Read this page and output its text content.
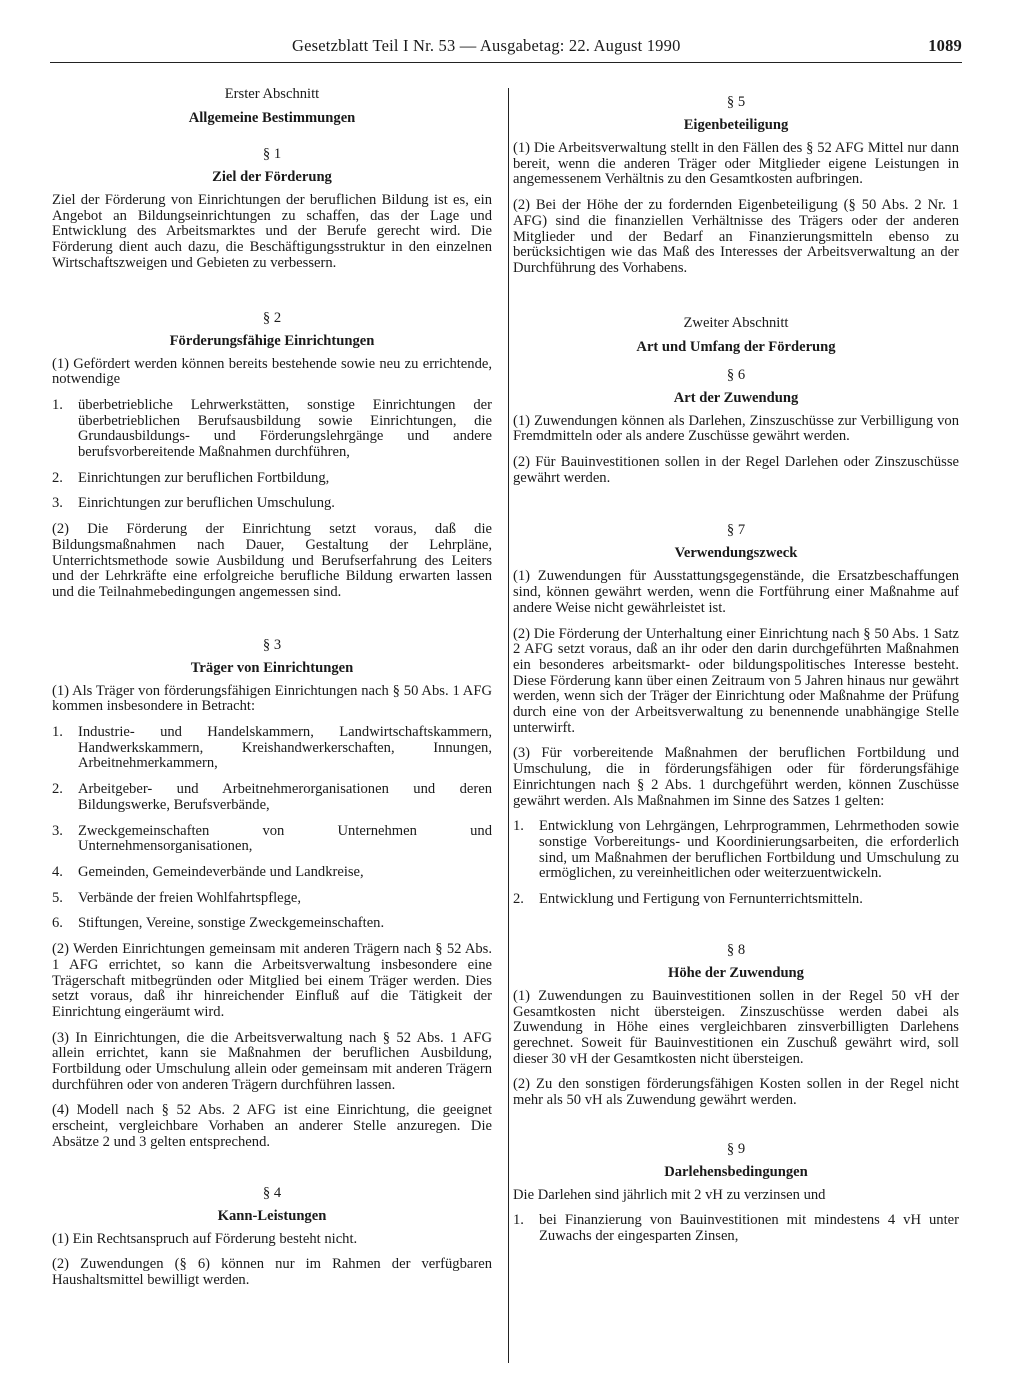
Gesetzblatt Teil I Nr. 53 — Ausgabetag: 22. August 1990	1089
Erster Abschnitt
Allgemeine Bestimmungen
§ 1
Ziel der Förderung

Ziel der Förderung von Einrichtungen der beruflichen Bildung ist es, ein Angebot an Bildungseinrichtungen zu schaffen, das der Lage und Entwicklung des Arbeitsmarktes und der Berufe gerecht wird. Die Förderung dient auch dazu, die Beschäftigungsstruktur in den einzelnen Wirtschaftszweigen und Gebieten zu verbessern.

§ 2
Förderungsfähige Einrichtungen

(1) Gefördert werden können bereits bestehende sowie neu zu errichtende, notwendige

1.	überbetriebliche Lehrwerkstätten, sonstige Einrichtungen der überbetrieblichen Berufsausbildung sowie Einrichtungen, die Grundausbildungs- und Förderungslehrgänge und andere berufsvorbereitende Maßnahmen durchführen,
2.	Einrichtungen zur beruflichen Fortbildung,
3.	Einrichtungen zur beruflichen Umschulung.

(2) Die Förderung der Einrichtung setzt voraus, daß die Bildungsmaßnahmen nach Dauer, Gestaltung der Lehrpläne, Unterrichtsmethode sowie Ausbildung und Berufserfahrung des Leiters und der Lehrkräfte eine erfolgreiche berufliche Bildung erwarten lassen und die Teilnahmebedingungen angemessen sind.

§ 3
Träger von Einrichtungen

(1) Als Träger von förderungsfähigen Einrichtungen nach § 50 Abs. 1 AFG kommen insbesondere in Betracht:

1.	Industrie- und Handelskammern, Landwirtschaftskammern, Handwerkskammern, Kreishandwerkerschaften, Innungen, Arbeitnehmerkammern,
2.	Arbeitgeber- und Arbeitnehmerorganisationen und deren Bildungswerke, Berufsverbände,
3.	Zweckgemeinschaften von Unternehmen und Unternehmensorganisationen,
4.	Gemeinden, Gemeindeverbände und Landkreise,
5.	Verbände der freien Wohlfahrtspflege,
6.	Stiftungen, Vereine, sonstige Zweckgemeinschaften.

(2) Werden Einrichtungen gemeinsam mit anderen Trägern nach § 52 Abs. 1 AFG errichtet, so kann die Arbeitsverwaltung insbesondere eine Trägerschaft mitbegründen oder Mitglied bei einem Träger werden. Dies setzt voraus, daß ihr hinreichender Einfluß auf die Tätigkeit der Einrichtung eingeräumt wird.

(3) In Einrichtungen, die die Arbeitsverwaltung nach § 52 Abs. 1 AFG allein errichtet, kann sie Maßnahmen der beruflichen Ausbildung, Fortbildung oder Umschulung allein oder gemeinsam mit anderen Trägern durchführen oder von anderen Trägern durchführen lassen.

(4) Modell nach § 52 Abs. 2 AFG ist eine Einrichtung, die geeignet erscheint, vergleichbare Vorhaben an anderer Stelle anzuregen. Die Absätze 2 und 3 gelten entsprechend.

§ 4
Kann-Leistungen

(1) Ein Rechtsanspruch auf Förderung besteht nicht.

(2) Zuwendungen (§ 6) können nur im Rahmen der verfügbaren Haushaltsmittel bewilligt werden.

§ 5
Eigenbeteiligung

(1) Die Arbeitsverwaltung stellt in den Fällen des § 52 AFG Mittel nur dann bereit, wenn die anderen Träger oder Mitglieder eigene Leistungen in angemessenem Verhältnis zu den Gesamtkosten aufbringen.

(2) Bei der Höhe der zu fordernden Eigenbeteiligung (§ 50 Abs. 2 Nr. 1 AFG) sind die finanziellen Verhältnisse des Trägers oder der anderen Mitglieder und der Bedarf an Finanzierungsmitteln ebenso zu berücksichtigen wie das Maß des Interesses der Arbeitsverwaltung an der Durchführung des Vorhabens.

Zweiter Abschnitt
Art und Umfang der Förderung
§ 6
Art der Zuwendung

(1) Zuwendungen können als Darlehen, Zinszuschüsse zur Verbilligung von Fremdmitteln oder als andere Zuschüsse gewährt werden.

(2) Für Bauinvestitionen sollen in der Regel Darlehen oder Zinszuschüsse gewährt werden.

§ 7
Verwendungszweck

(1) Zuwendungen für Ausstattungsgegenstände, die Ersatzbeschaffungen sind, können gewährt werden, wenn die Fortführung einer Maßnahme auf andere Weise nicht gewährleistet ist.

(2) Die Förderung der Unterhaltung einer Einrichtung nach § 50 Abs. 1 Satz 2 AFG setzt voraus, daß an ihr oder den darin durchgeführten Maßnahmen ein besonderes arbeitsmarkt- oder bildungspolitisches Interesse besteht. Diese Förderung kann über einen Zeitraum von 5 Jahren hinaus nur gewährt werden, wenn sich der Träger der Einrichtung oder Maßnahme der Prüfung durch eine von der Arbeitsverwaltung zu benennende unabhängige Stelle unterwirft.

(3) Für vorbereitende Maßnahmen der beruflichen Fortbildung und Umschulung, die in förderungsfähigen oder für förderungsfähige Einrichtungen nach § 2 Abs. 1 durchgeführt werden, können Zuschüsse gewährt werden. Als Maßnahmen im Sinne des Satzes 1 gelten:

1.	Entwicklung von Lehrgängen, Lehrprogrammen, Lehrmethoden sowie sonstige Vorbereitungs- und Koordinierungsarbeiten, die erforderlich sind, um Maßnahmen der beruflichen Fortbildung und Umschulung zu ermöglichen, zu vereinheitlichen oder weiterzuentwickeln.
2.	Entwicklung und Fertigung von Fernunterrichtsmitteln.
§ 8
Höhe der Zuwendung

(1) Zuwendungen zu Bauinvestitionen sollen in der Regel 50 vH der Gesamtkosten nicht übersteigen. Zinszuschüsse werden dabei als Zuwendung in Höhe eines vergleichbaren zinsverbilligten Darlehens gerechnet. Soweit für Bauinvestitionen ein Zuschuß gewährt wird, soll dieser 30 vH der Gesamtkosten nicht übersteigen.

(2) Zu den sonstigen förderungsfähigen Kosten sollen in der Regel nicht mehr als 50 vH als Zuwendung gewährt werden.

§ 9
Darlehensbedingungen

Die Darlehen sind jährlich mit 2 vH zu verzinsen und

1.	bei Finanzierung von Bauinvestitionen mit mindestens 4 vH unter Zuwachs der eingesparten Zinsen,
